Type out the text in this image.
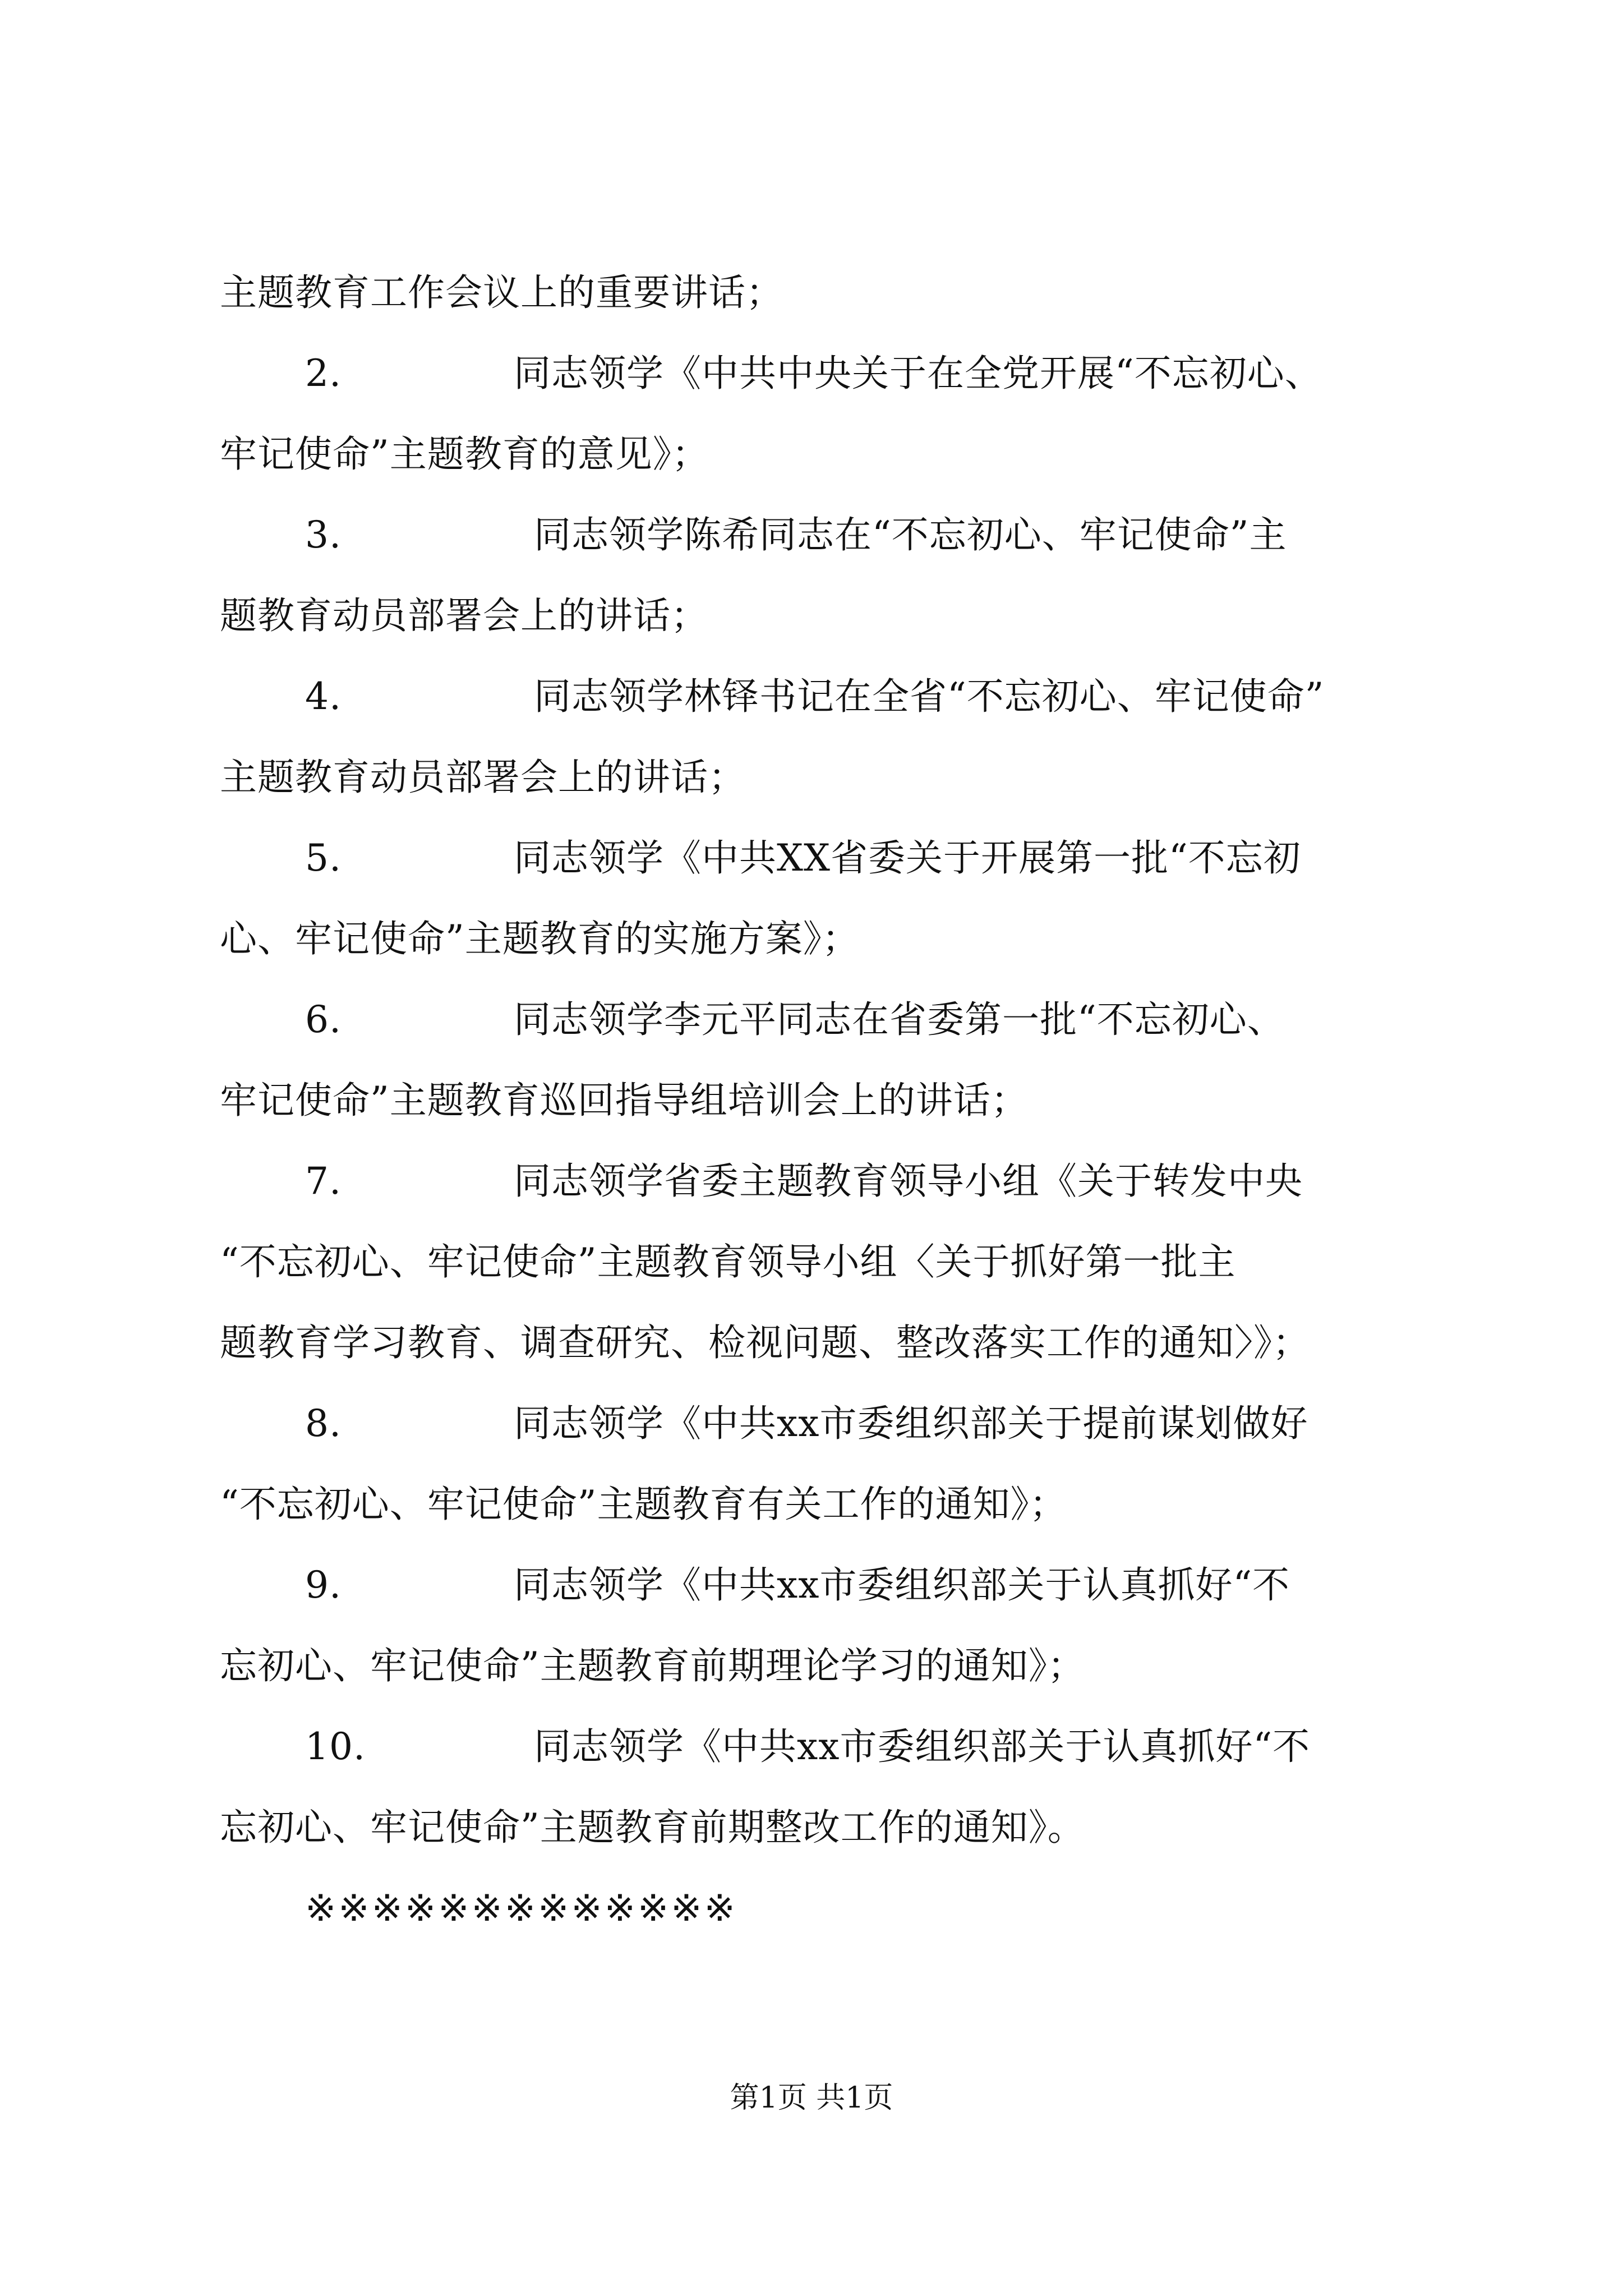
主题教育工作会议上的重要讲话；
2.	同志领学《中共中央关于在全党开展“不忘初心、
牢记使命”主题教育的意见》；
3.	同志领学陈希同志在“不忘初心、牢记使命”主
题教育动员部署会上的讲话；
4.	同志领学林铎书记在全省“不忘初心、牢记使命”
主题教育动员部署会上的讲话；
5.	同志领学《中共XX省委关于开展第一批“不忘初
心、牢记使命”主题教育的实施方案》；
6.	同志领学李元平同志在省委第一批“不忘初心、
牢记使命”主题教育巡回指导组培训会上的讲话；
7.	同志领学省委主题教育领导小组《关于转发中央
“不忘初心、牢记使命”主题教育领导小组〈关于抓好第一批主
题教育学习教育、调查研究、检视问题、整改落实工作的通知〉》；
8.	同志领学《中共xx市委组织部关于提前谋划做好
“不忘初心、牢记使命”主题教育有关工作的通知》；
9.	同志领学《中共xx市委组织部关于认真抓好“不
忘初心、牢记使命”主题教育前期理论学习的通知》；
10.	同志领学《中共xx市委组织部关于认真抓好“不
忘初心、牢记使命”主题教育前期整改工作的通知》。
※※※※※※※※※※※※※
第1页 共1页
